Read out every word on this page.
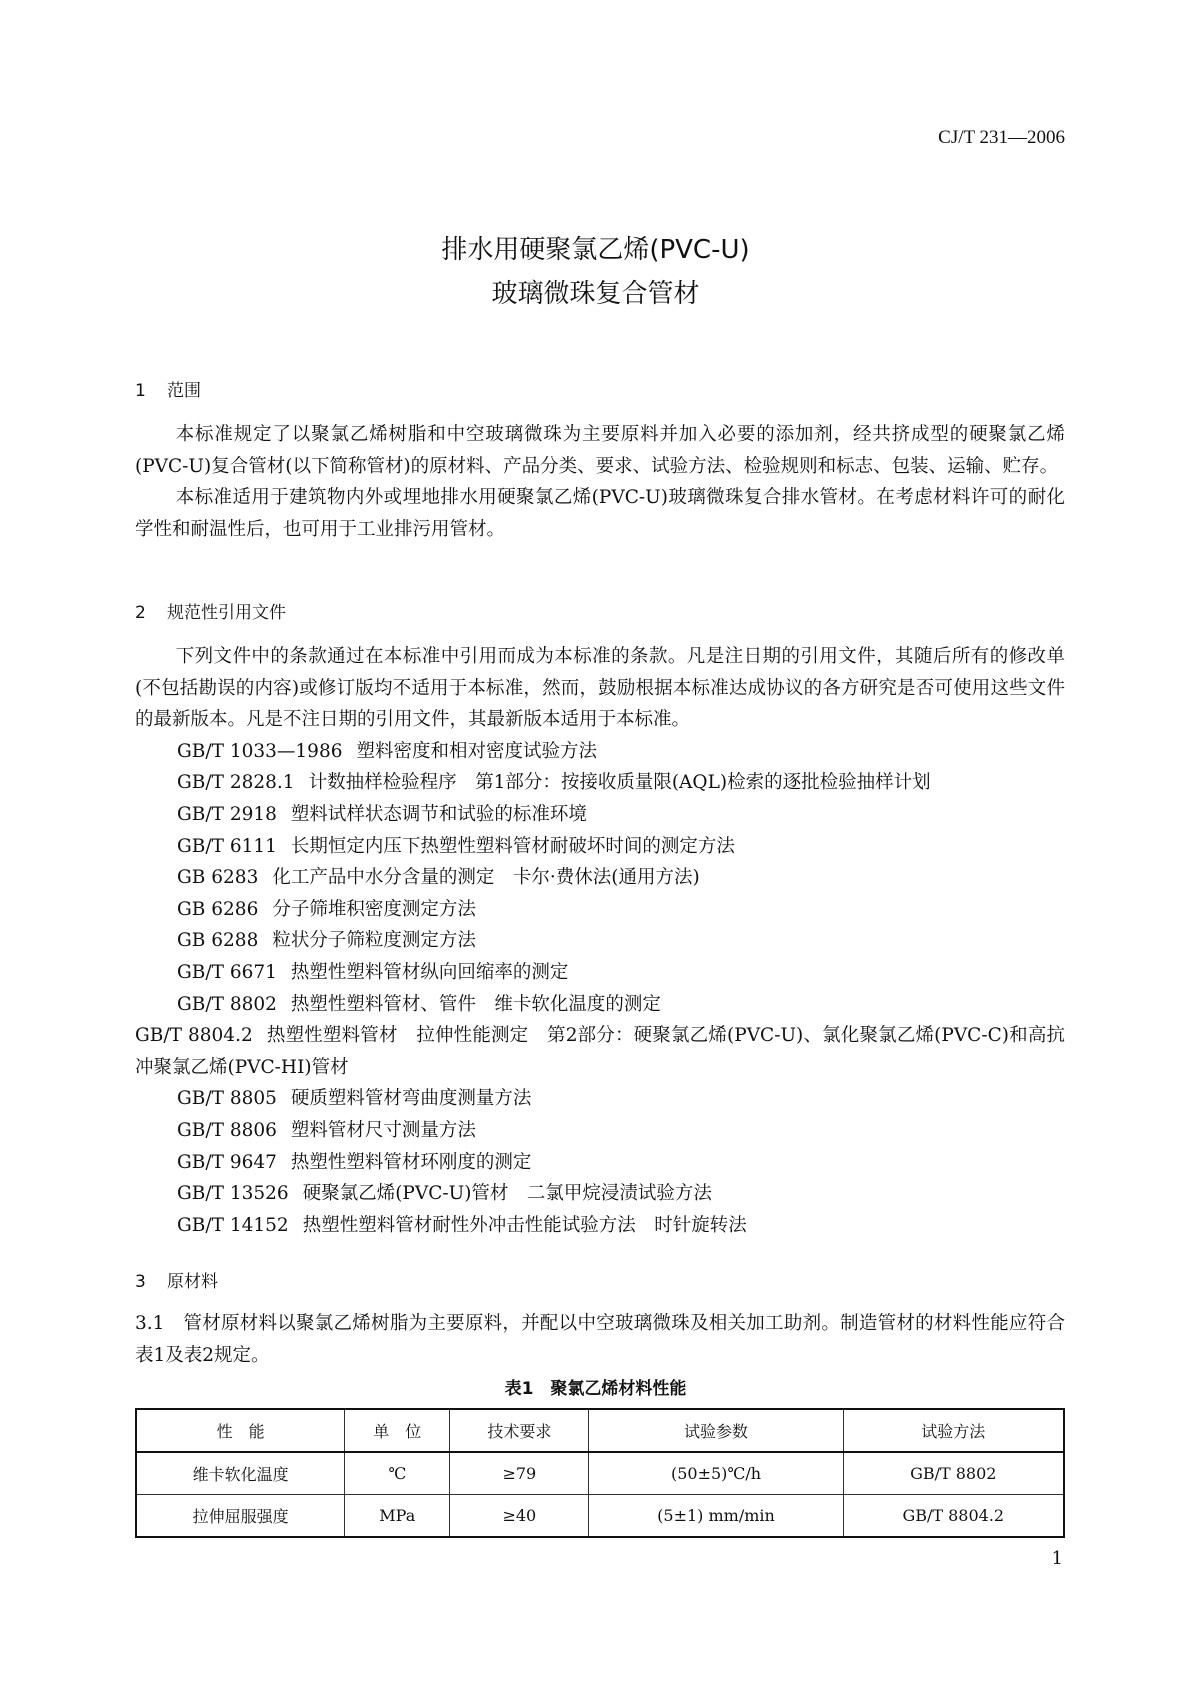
CJ/T 231—2006
排水用硬聚氯乙烯(PVC-U)
玻璃微珠复合管材
1 范围
本标准规定了以聚氯乙烯树脂和中空玻璃微珠为主要原料并加入必要的添加剂，经共挤成型的硬聚氯乙烯(PVC-U)复合管材(以下简称管材)的原材料、产品分类、要求、试验方法、检验规则和标志、包装、运输、贮存。
本标准适用于建筑物内外或埋地排水用硬聚氯乙烯(PVC-U)玻璃微珠复合排水管材。在考虑材料许可的耐化学性和耐温性后，也可用于工业排污用管材。
2 规范性引用文件
下列文件中的条款通过在本标准中引用而成为本标准的条款。凡是注日期的引用文件，其随后所有的修改单(不包括勘误的内容)或修订版均不适用于本标准，然而，鼓励根据本标准达成协议的各方研究是否可使用这些文件的最新版本。凡是不注日期的引用文件，其最新版本适用于本标准。
GB/T 1033—1986 塑料密度和相对密度试验方法
GB/T 2828.1 计数抽样检验程序　第1部分：按接收质量限(AQL)检索的逐批检验抽样计划
GB/T 2918 塑料试样状态调节和试验的标准环境
GB/T 6111 长期恒定内压下热塑性塑料管材耐破坏时间的测定方法
GB 6283 化工产品中水分含量的测定　卡尔·费休法(通用方法)
GB 6286 分子筛堆积密度测定方法
GB 6288 粒状分子筛粒度测定方法
GB/T 6671 热塑性塑料管材纵向回缩率的测定
GB/T 8802 热塑性塑料管材、管件　维卡软化温度的测定
GB/T 8804.2 热塑性塑料管材　拉伸性能测定　第2部分：硬聚氯乙烯(PVC-U)、氯化聚氯乙烯(PVC-C)和高抗冲聚氯乙烯(PVC-HI)管材
GB/T 8805 硬质塑料管材弯曲度测量方法
GB/T 8806 塑料管材尺寸测量方法
GB/T 9647 热塑性塑料管材环刚度的测定
GB/T 13526 硬聚氯乙烯(PVC-U)管材　二氯甲烷浸渍试验方法
GB/T 14152 热塑性塑料管材耐性外冲击性能试验方法　时针旋转法
3 原材料
3.1　管材原材料以聚氯乙烯树脂为主要原料，并配以中空玻璃微珠及相关加工助剂。制造管材的材料性能应符合表1及表2规定。
表1　聚氯乙烯材料性能
性　能	单　位	技术要求	试验参数	试验方法
维卡软化温度	℃	≥79	(50±5)℃/h	GB/T 8802
拉伸屈服强度	MPa	≥40	(5±1) mm/min	GB/T 8804.2
1
